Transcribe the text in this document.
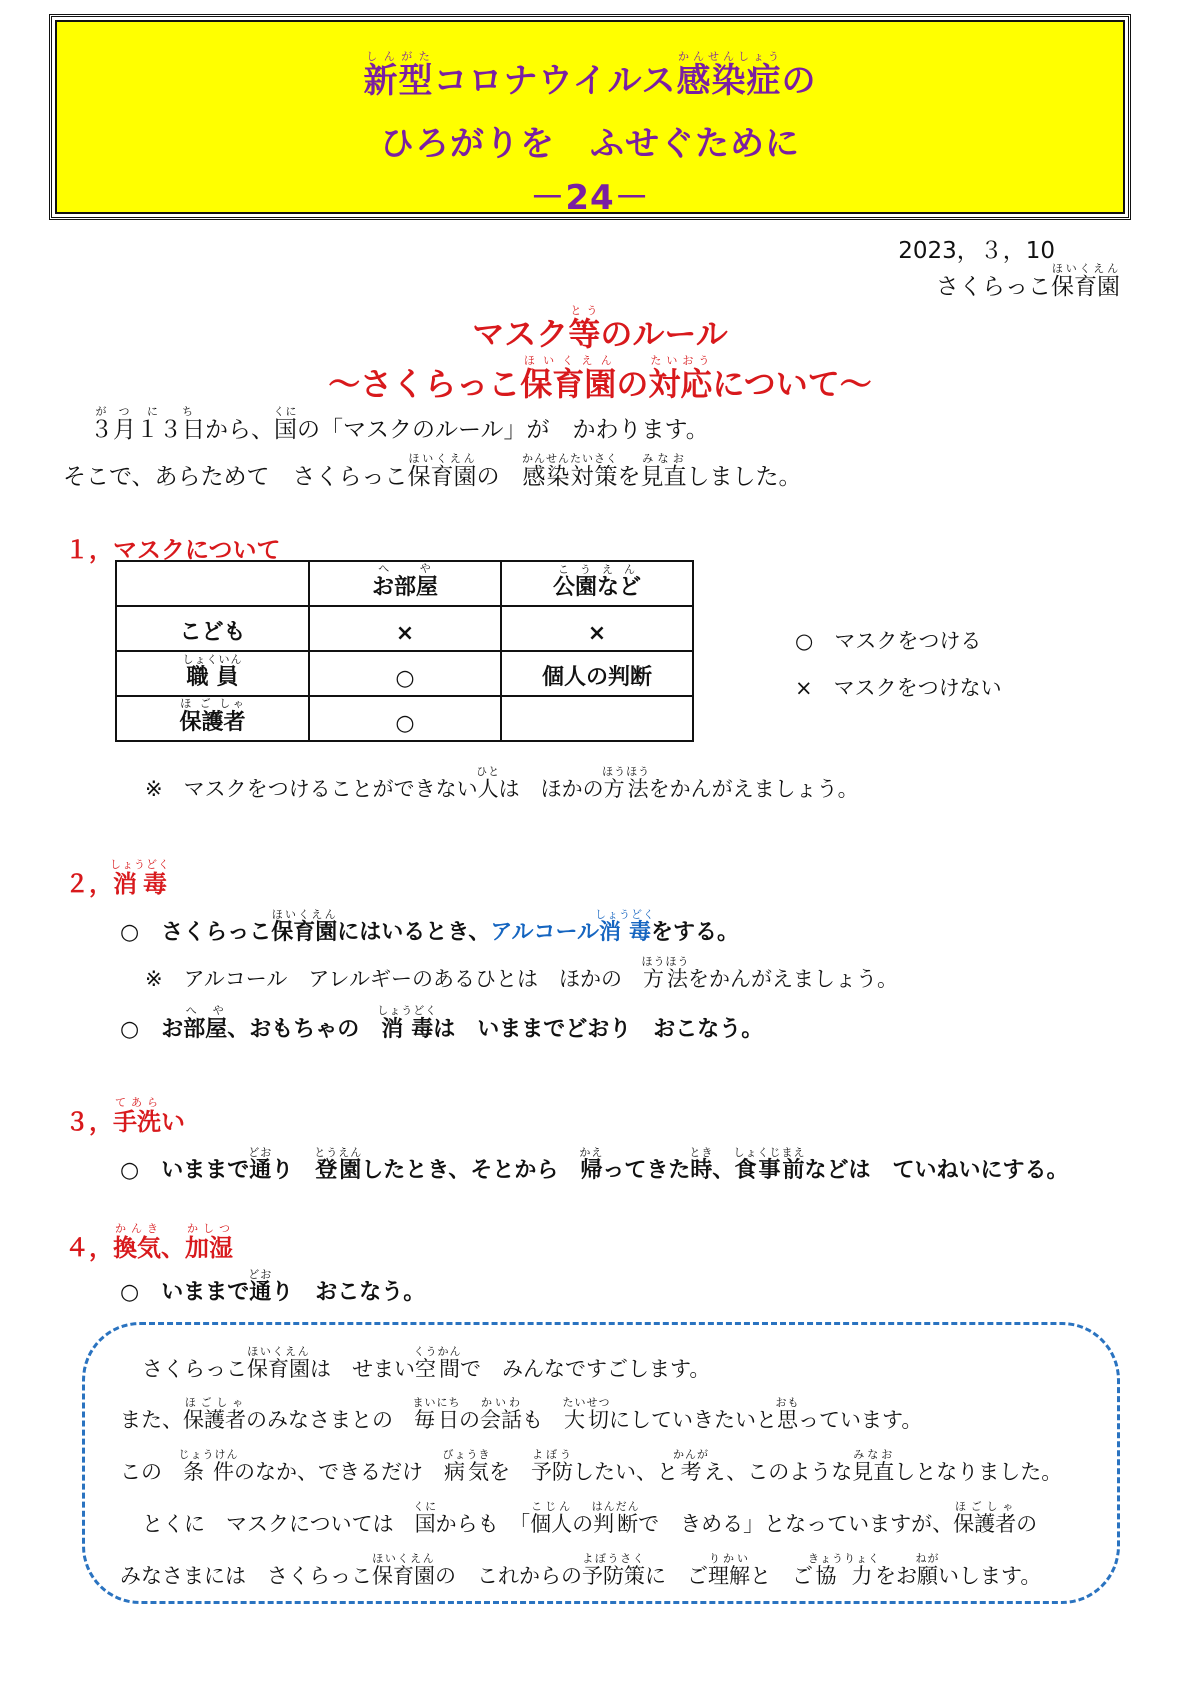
新型しんがたコロナウイルス感染症かんせんしょうの
ひろがりを　ふせぐために
－24－
2023，３，10
さくらっこ保育園ほいくえん
マスク等とうのルール
～さくらっこ保育園ほいくえんの対応たいおうについて～
３月がつ１３日にちから、国くにの「マスクのルール」が　かわります。
そこで、あらためて　さくらっこ保育園ほいくえんの　感染対策かんせんたいさくを見直みなおしました。
１，マスクについて
	お部屋へ や	公園などこうえん
こども	×	×
職員しょくいん	○	個人の判断
保護者ほ ご しゃ	○	
○　マスクをつける
×　マスクをつけない
※　マスクをつけることができない人ひとは　ほかの方法ほうほうをかんがえましょう。
２，消毒しょうどく
○　さくらっこ保育園ほいくえんにはいるとき、アルコール消毒しょうどくをする。
※　アルコール　アレルギーのあるひとは　ほかの　方法ほうほうをかんがえましょう。
○　お部屋へ や、おもちゃの　消毒しょうどくは　いままでどおり　おこなう。
３，手洗てあらい
○　いままで通どおり　登園とうえんしたとき、そとから　帰かえってきた時とき、食事前しょくじまえなどは　ていねいにする。
４，換気かんき、加湿かしつ
○　いままで通どおり　おこなう。
さくらっこ保育園ほいくえんは　せまい空間くうかんで　みんなですごします。
また、保護者ほごしゃのみなさまとの　毎日まいにちの会話かいわも　大切たいせつにしていきたいと思おもっています。
この　条件じょうけんのなか、できるだけ　病気びょうきを　予防よぼうしたい、と考かんがえ、このような見直みなおしとなりました。
とくに　マスクについては　国くにからも　「個人こじんの判断はんだんで　きめる」となっていますが、保護者ほごしゃの
みなさまには　さくらっこ保育園ほいくえんの　これからの予防策よぼうさくに　ご理解りかいと　ご協力きょうりょくをお願ねがいします。
